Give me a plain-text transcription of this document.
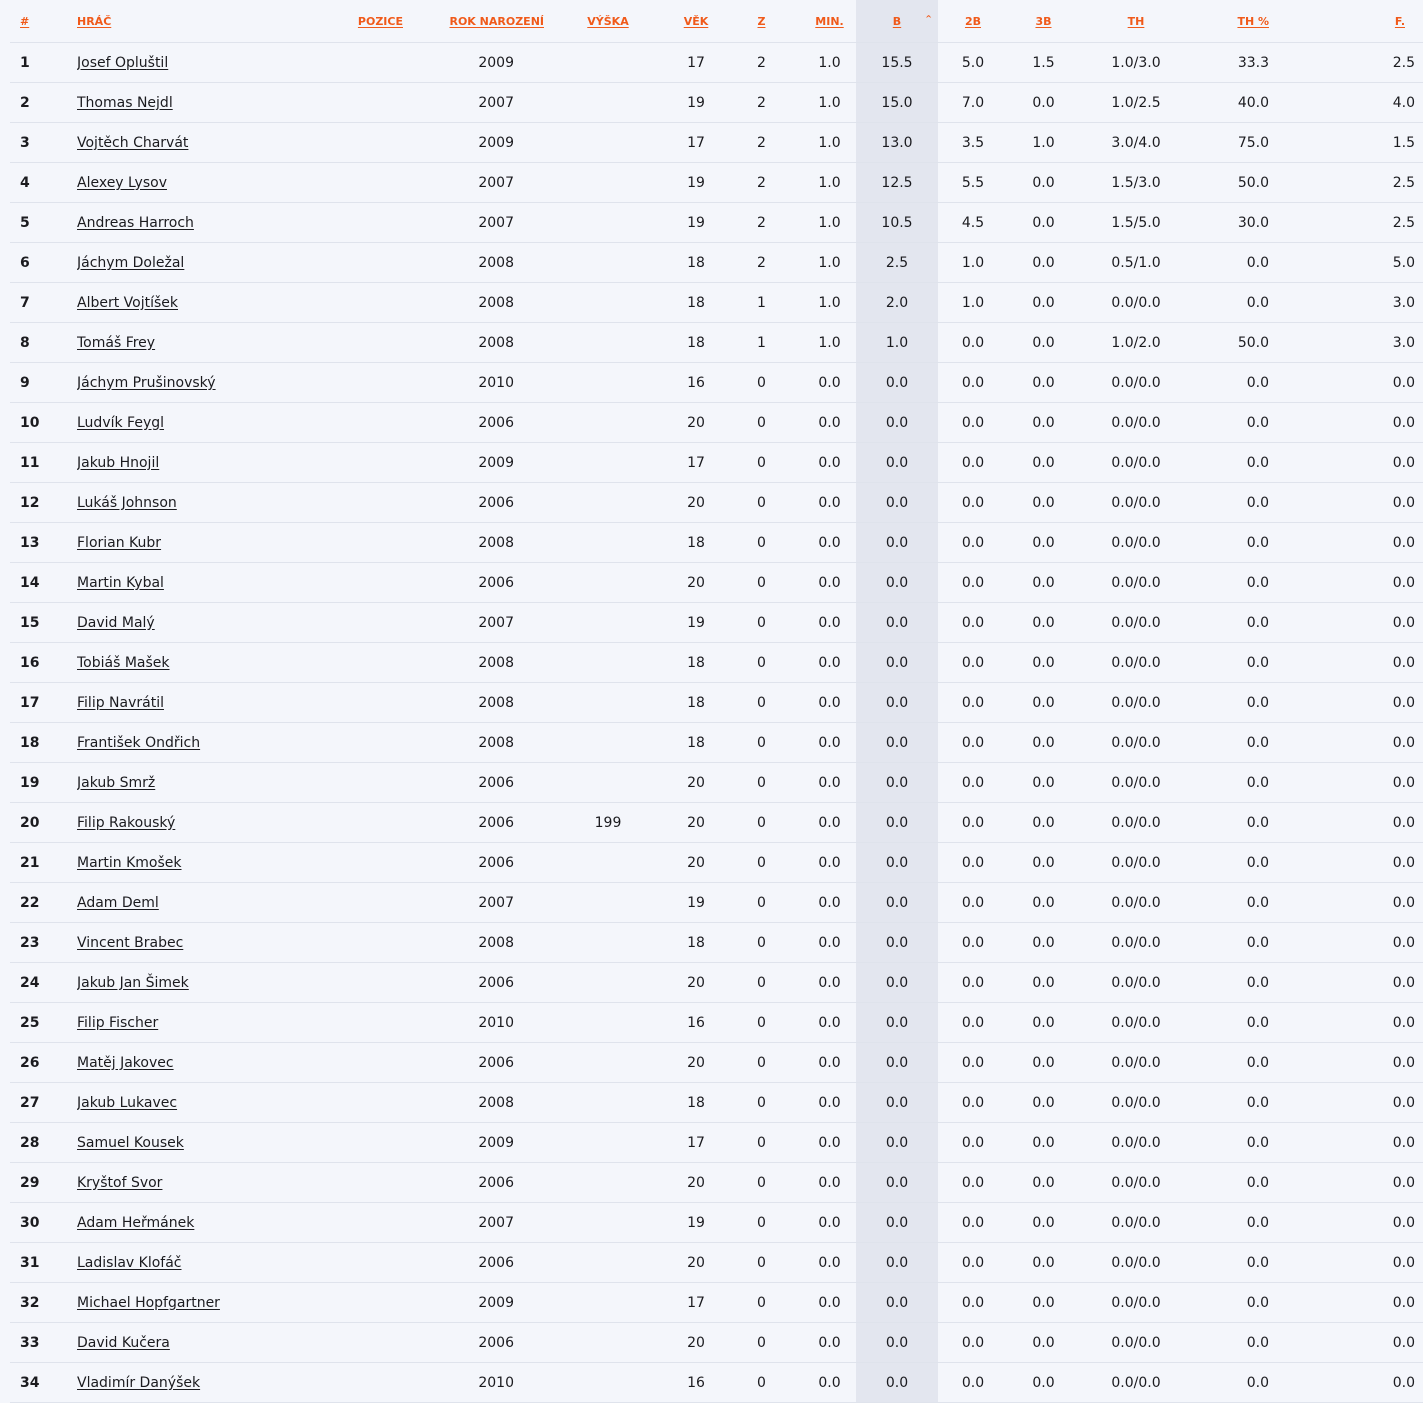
#	HRÁČ	POZICE	ROK NAROZENÍ	VÝŠKA	VĚK	Z	MIN.	B ^	2B	3B	TH	TH %	F.
1	Josef Opluštil		2009		17	2	1.0	15.5	5.0	1.5	1.0/3.0	33.3	2.5
2	Thomas Nejdl		2007		19	2	1.0	15.0	7.0	0.0	1.0/2.5	40.0	4.0
3	Vojtěch Charvát		2009		17	2	1.0	13.0	3.5	1.0	3.0/4.0	75.0	1.5
4	Alexey Lysov		2007		19	2	1.0	12.5	5.5	0.0	1.5/3.0	50.0	2.5
5	Andreas Harroch		2007		19	2	1.0	10.5	4.5	0.0	1.5/5.0	30.0	2.5
6	Jáchym Doležal		2008		18	2	1.0	2.5	1.0	0.0	0.5/1.0	0.0	5.0
7	Albert Vojtíšek		2008		18	1	1.0	2.0	1.0	0.0	0.0/0.0	0.0	3.0
8	Tomáš Frey		2008		18	1	1.0	1.0	0.0	0.0	1.0/2.0	50.0	3.0
9	Jáchym Prušinovský		2010		16	0	0.0	0.0	0.0	0.0	0.0/0.0	0.0	0.0
10	Ludvík Feygl		2006		20	0	0.0	0.0	0.0	0.0	0.0/0.0	0.0	0.0
11	Jakub Hnojil		2009		17	0	0.0	0.0	0.0	0.0	0.0/0.0	0.0	0.0
12	Lukáš Johnson		2006		20	0	0.0	0.0	0.0	0.0	0.0/0.0	0.0	0.0
13	Florian Kubr		2008		18	0	0.0	0.0	0.0	0.0	0.0/0.0	0.0	0.0
14	Martin Kybal		2006		20	0	0.0	0.0	0.0	0.0	0.0/0.0	0.0	0.0
15	David Malý		2007		19	0	0.0	0.0	0.0	0.0	0.0/0.0	0.0	0.0
16	Tobiáš Mašek		2008		18	0	0.0	0.0	0.0	0.0	0.0/0.0	0.0	0.0
17	Filip Navrátil		2008		18	0	0.0	0.0	0.0	0.0	0.0/0.0	0.0	0.0
18	František Ondřich		2008		18	0	0.0	0.0	0.0	0.0	0.0/0.0	0.0	0.0
19	Jakub Smrž		2006		20	0	0.0	0.0	0.0	0.0	0.0/0.0	0.0	0.0
20	Filip Rakouský		2006	199	20	0	0.0	0.0	0.0	0.0	0.0/0.0	0.0	0.0
21	Martin Kmošek		2006		20	0	0.0	0.0	0.0	0.0	0.0/0.0	0.0	0.0
22	Adam Deml		2007		19	0	0.0	0.0	0.0	0.0	0.0/0.0	0.0	0.0
23	Vincent Brabec		2008		18	0	0.0	0.0	0.0	0.0	0.0/0.0	0.0	0.0
24	Jakub Jan Šimek		2006		20	0	0.0	0.0	0.0	0.0	0.0/0.0	0.0	0.0
25	Filip Fischer		2010		16	0	0.0	0.0	0.0	0.0	0.0/0.0	0.0	0.0
26	Matěj Jakovec		2006		20	0	0.0	0.0	0.0	0.0	0.0/0.0	0.0	0.0
27	Jakub Lukavec		2008		18	0	0.0	0.0	0.0	0.0	0.0/0.0	0.0	0.0
28	Samuel Kousek		2009		17	0	0.0	0.0	0.0	0.0	0.0/0.0	0.0	0.0
29	Kryštof Svor		2006		20	0	0.0	0.0	0.0	0.0	0.0/0.0	0.0	0.0
30	Adam Heřmánek		2007		19	0	0.0	0.0	0.0	0.0	0.0/0.0	0.0	0.0
31	Ladislav Klofáč		2006		20	0	0.0	0.0	0.0	0.0	0.0/0.0	0.0	0.0
32	Michael Hopfgartner		2009		17	0	0.0	0.0	0.0	0.0	0.0/0.0	0.0	0.0
33	David Kučera		2006		20	0	0.0	0.0	0.0	0.0	0.0/0.0	0.0	0.0
34	Vladimír Danýšek		2010		16	0	0.0	0.0	0.0	0.0	0.0/0.0	0.0	0.0
